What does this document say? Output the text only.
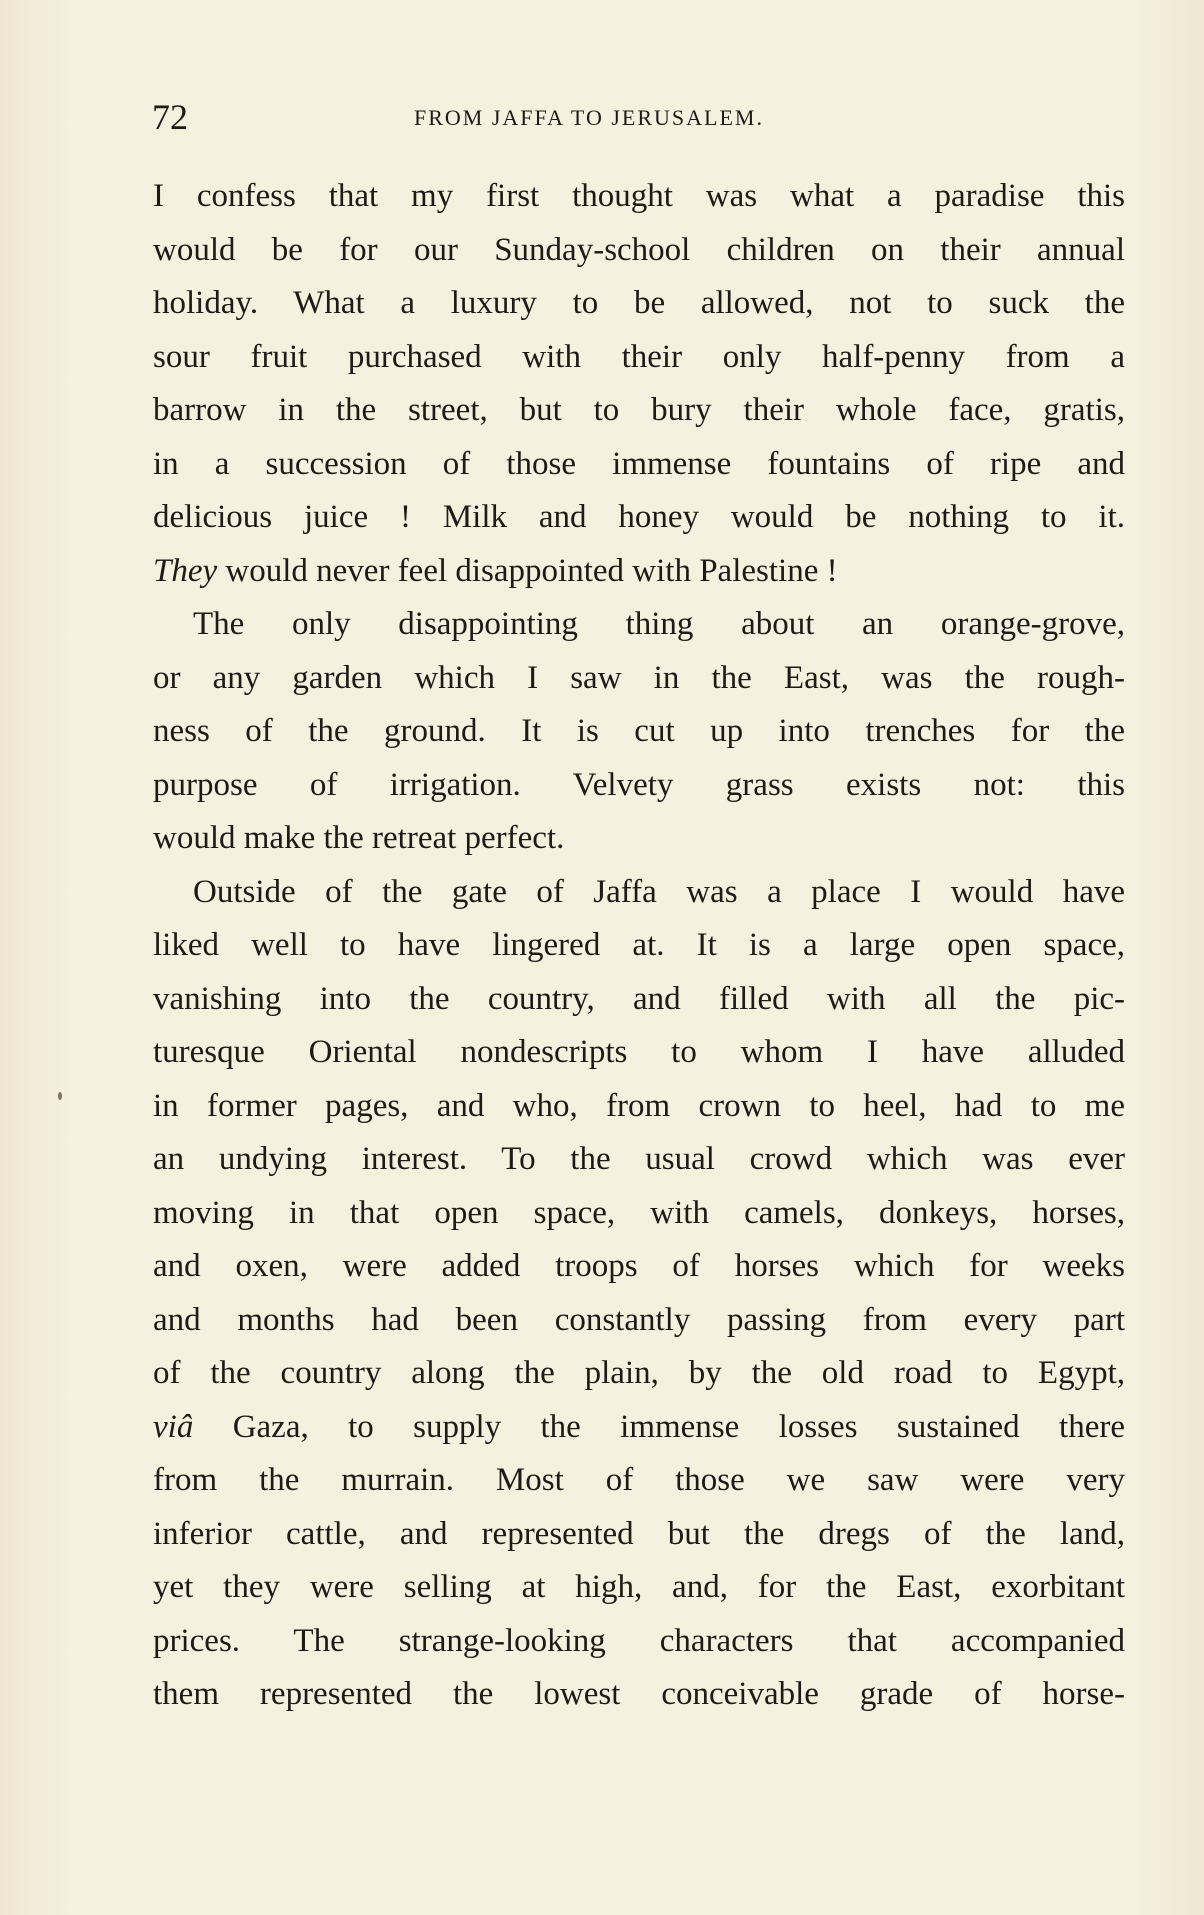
72	FROM JAFFA TO JERUSALEM.
I confess that my first thought was what a paradise this
would be for our Sunday-school children on their annual
holiday. What a luxury to be allowed, not to suck the
sour fruit purchased with their only half-penny from a
barrow in the street, but to bury their whole face, gratis,
in a succession of those immense fountains of ripe and
delicious juice ! Milk and honey would be nothing to it.
They would never feel disappointed with Palestine !
The only disappointing thing about an orange-grove,
or any garden which I saw in the East, was the rough-
ness of the ground. It is cut up into trenches for the
purpose of irrigation. Velvety grass exists not: this
would make the retreat perfect.
Outside of the gate of Jaffa was a place I would have
liked well to have lingered at. It is a large open space,
vanishing into the country, and filled with all the pic-
turesque Oriental nondescripts to whom I have alluded
in former pages, and who, from crown to heel, had to me
an undying interest. To the usual crowd which was ever
moving in that open space, with camels, donkeys, horses,
and oxen, were added troops of horses which for weeks
and months had been constantly passing from every part
of the country along the plain, by the old road to Egypt,
viâ Gaza, to supply the immense losses sustained there
from the murrain. Most of those we saw were very
inferior cattle, and represented but the dregs of the land,
yet they were selling at high, and, for the East, exorbitant
prices. The strange-looking characters that accompanied
them represented the lowest conceivable grade of horse-
